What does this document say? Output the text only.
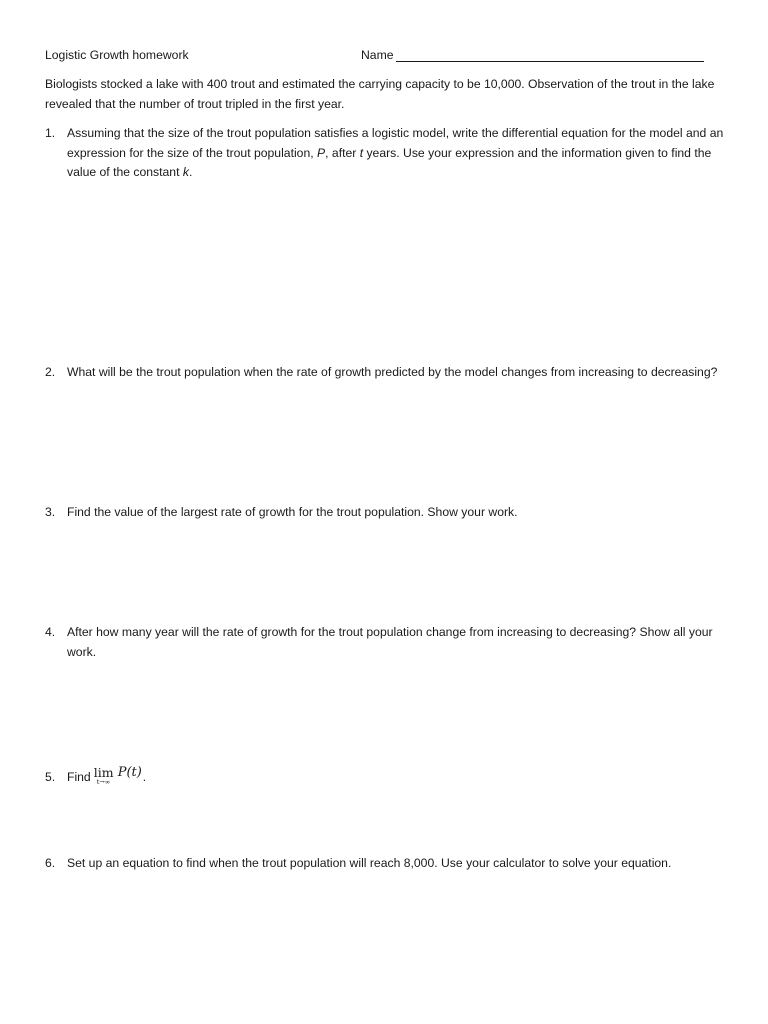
Logistic Growth homework	Name
Biologists stocked a lake with 400 trout and estimated the carrying capacity to be 10,000. Observation of the trout in the lake revealed that the number of trout tripled in the first year.
1. Assuming that the size of the trout population satisfies a logistic model, write the differential equation for the model and an expression for the size of the trout population, P, after t years. Use your expression and the information given to find the value of the constant k.
2. What will be the trout population when the rate of growth predicted by the model changes from increasing to decreasing?
3. Find the value of the largest rate of growth for the trout population. Show your work.
4. After how many year will the rate of growth for the trout population change from increasing to decreasing? Show all your work.
5. Find lim
t→∞
P(t) .
6. Set up an equation to find when the trout population will reach 8,000. Use your calculator to solve your equation.
